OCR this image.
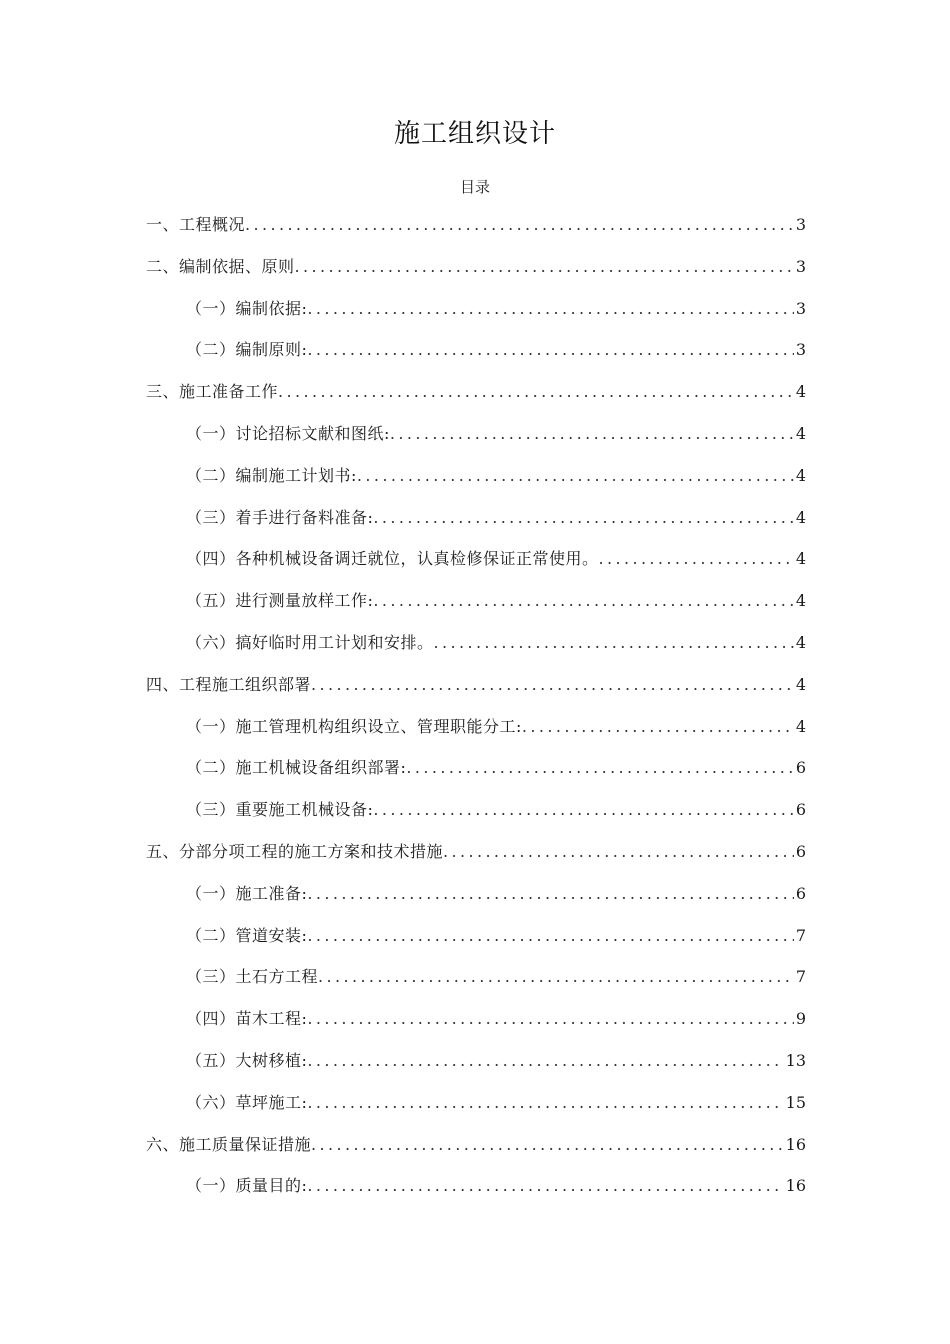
施工组织设计
目录
一、工程概况 .....	3
二、编制依据、原则 .....	3
（一）编制依据: .....	3
（二）编制原则: .....	3
三、施工准备工作 .....	4
（一）讨论招标文献和图纸: .....	4
（二）编制施工计划书: .....	4
（三）着手进行备料准备: .....	4
（四）各种机械设备调迁就位，认真检修保证正常使用。 .....	4
（五）进行测量放样工作: .....	4
（六）搞好临时用工计划和安排。 .....	4
四、工程施工组织部署 .....	4
（一）施工管理机构组织设立、管理职能分工: .....	4
（二）施工机械设备组织部署: .....	6
（三）重要施工机械设备: .....	6
五、分部分项工程的施工方案和技术措施 .....	6
（一）施工准备: .....	6
（二）管道安装: .....	7
（三）土石方工程 .....	7
（四）苗木工程: .....	9
（五）大树移植: .....	13
（六）草坪施工: .....	15
六、施工质量保证措施 .....	16
（一）质量目的: .....	16
